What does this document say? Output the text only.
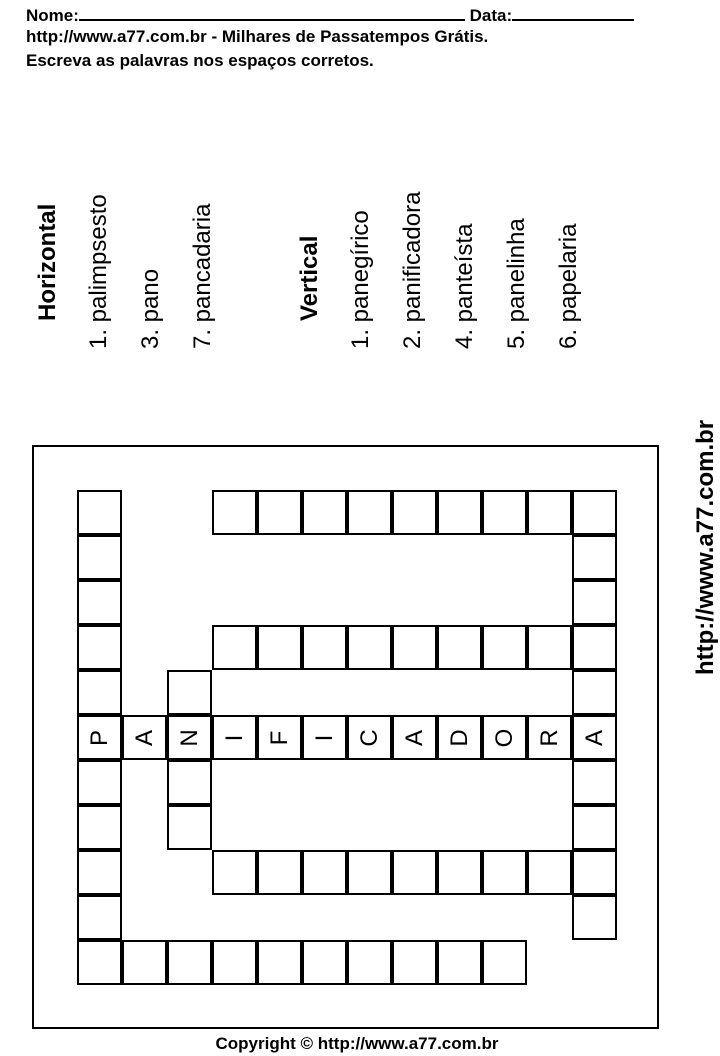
Nome:	Data:
http://www.a77.com.br - Milhares de Passatempos Grátis.
Escreva as palavras nos espaços corretos.
Horizontal 1. palimpsesto 3. pano 7. pancadaria	Vertical 1. panegírico 2. panificadora 4. panteísta 5. panelinha 6. papelaria
P	A
A N I F I C A D O R
http://www.a77.com.br
Copyright © http://www.a77.com.br
